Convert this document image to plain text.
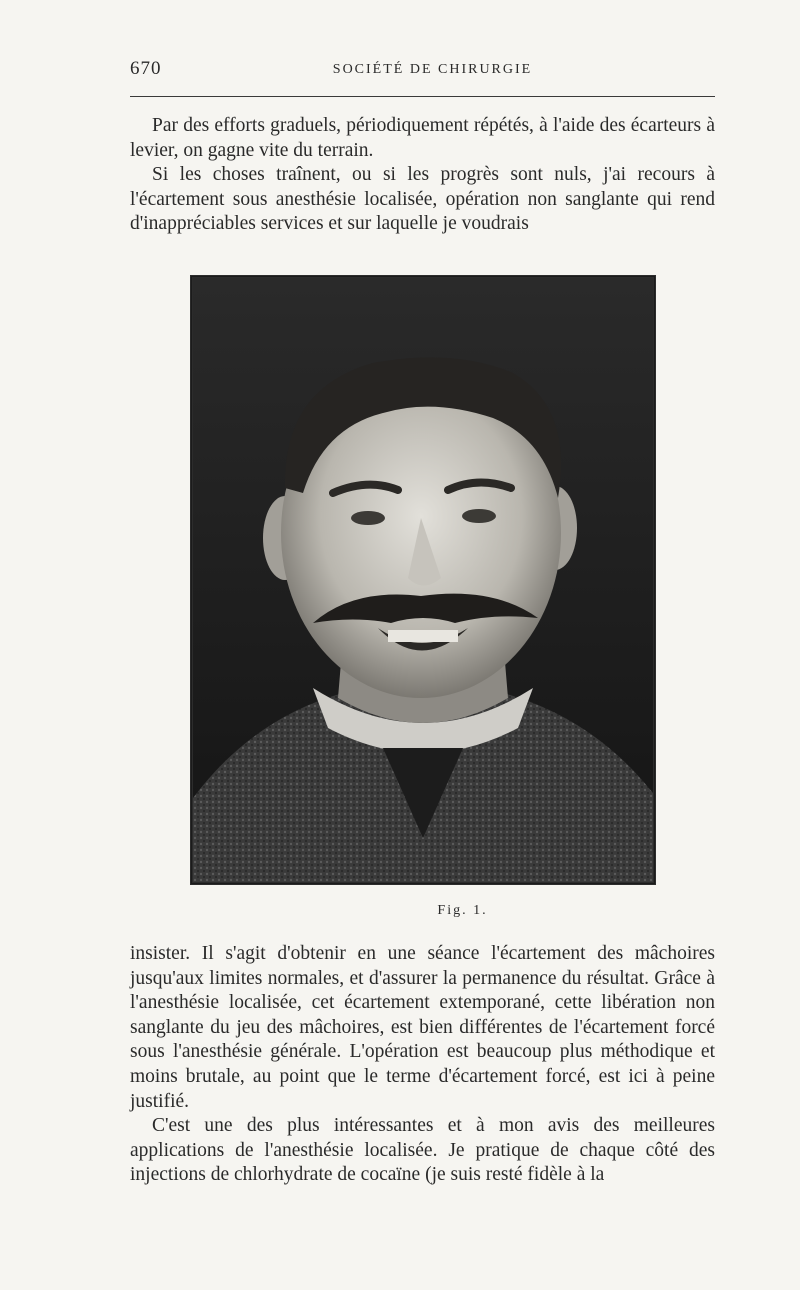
670	SOCIÉTÉ DE CHIRURGIE

Par des efforts graduels, périodiquement répétés, à l'aide des écarteurs à levier, on gagne vite du terrain.

Si les choses traînent, ou si les progrès sont nuls, j'ai recours à l'écartement sous anesthésie localisée, opération non sanglante qui rend d'inappréciables services et sur laquelle je voudrais

Fig. 1.

insister. Il s'agit d'obtenir en une séance l'écartement des mâchoires jusqu'aux limites normales, et d'assurer la permanence du résultat. Grâce à l'anesthésie localisée, cet écartement extemporané, cette libération non sanglante du jeu des mâchoires, est bien différentes de l'écartement forcé sous l'anesthésie générale. L'opération est beaucoup plus méthodique et moins brutale, au point que le terme d'écartement forcé, est ici à peine justifié.

C'est une des plus intéressantes et à mon avis des meilleures applications de l'anesthésie localisée. Je pratique de chaque côté des injections de chlorhydrate de cocaïne (je suis resté fidèle à la
